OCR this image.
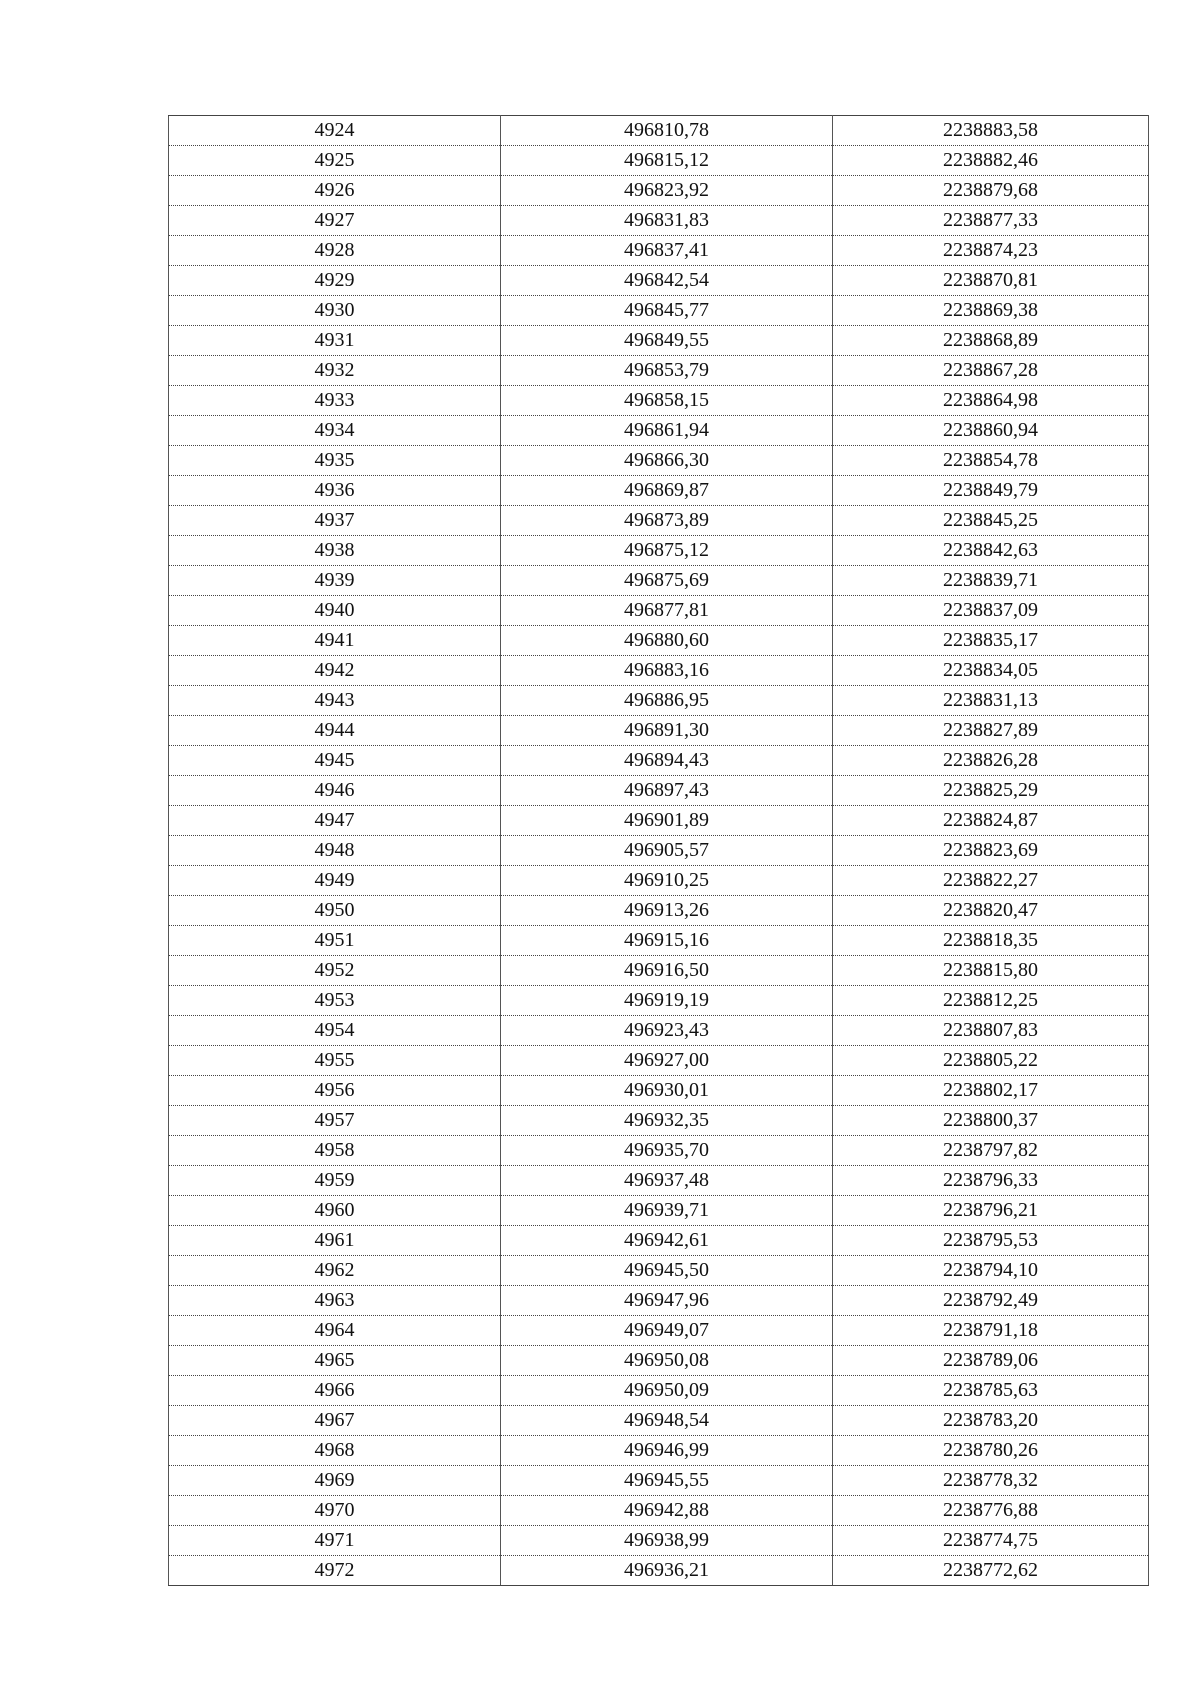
4924	496810,78	2238883,58
4925	496815,12	2238882,46
4926	496823,92	2238879,68
4927	496831,83	2238877,33
4928	496837,41	2238874,23
4929	496842,54	2238870,81
4930	496845,77	2238869,38
4931	496849,55	2238868,89
4932	496853,79	2238867,28
4933	496858,15	2238864,98
4934	496861,94	2238860,94
4935	496866,30	2238854,78
4936	496869,87	2238849,79
4937	496873,89	2238845,25
4938	496875,12	2238842,63
4939	496875,69	2238839,71
4940	496877,81	2238837,09
4941	496880,60	2238835,17
4942	496883,16	2238834,05
4943	496886,95	2238831,13
4944	496891,30	2238827,89
4945	496894,43	2238826,28
4946	496897,43	2238825,29
4947	496901,89	2238824,87
4948	496905,57	2238823,69
4949	496910,25	2238822,27
4950	496913,26	2238820,47
4951	496915,16	2238818,35
4952	496916,50	2238815,80
4953	496919,19	2238812,25
4954	496923,43	2238807,83
4955	496927,00	2238805,22
4956	496930,01	2238802,17
4957	496932,35	2238800,37
4958	496935,70	2238797,82
4959	496937,48	2238796,33
4960	496939,71	2238796,21
4961	496942,61	2238795,53
4962	496945,50	2238794,10
4963	496947,96	2238792,49
4964	496949,07	2238791,18
4965	496950,08	2238789,06
4966	496950,09	2238785,63
4967	496948,54	2238783,20
4968	496946,99	2238780,26
4969	496945,55	2238778,32
4970	496942,88	2238776,88
4971	496938,99	2238774,75
4972	496936,21	2238772,62
